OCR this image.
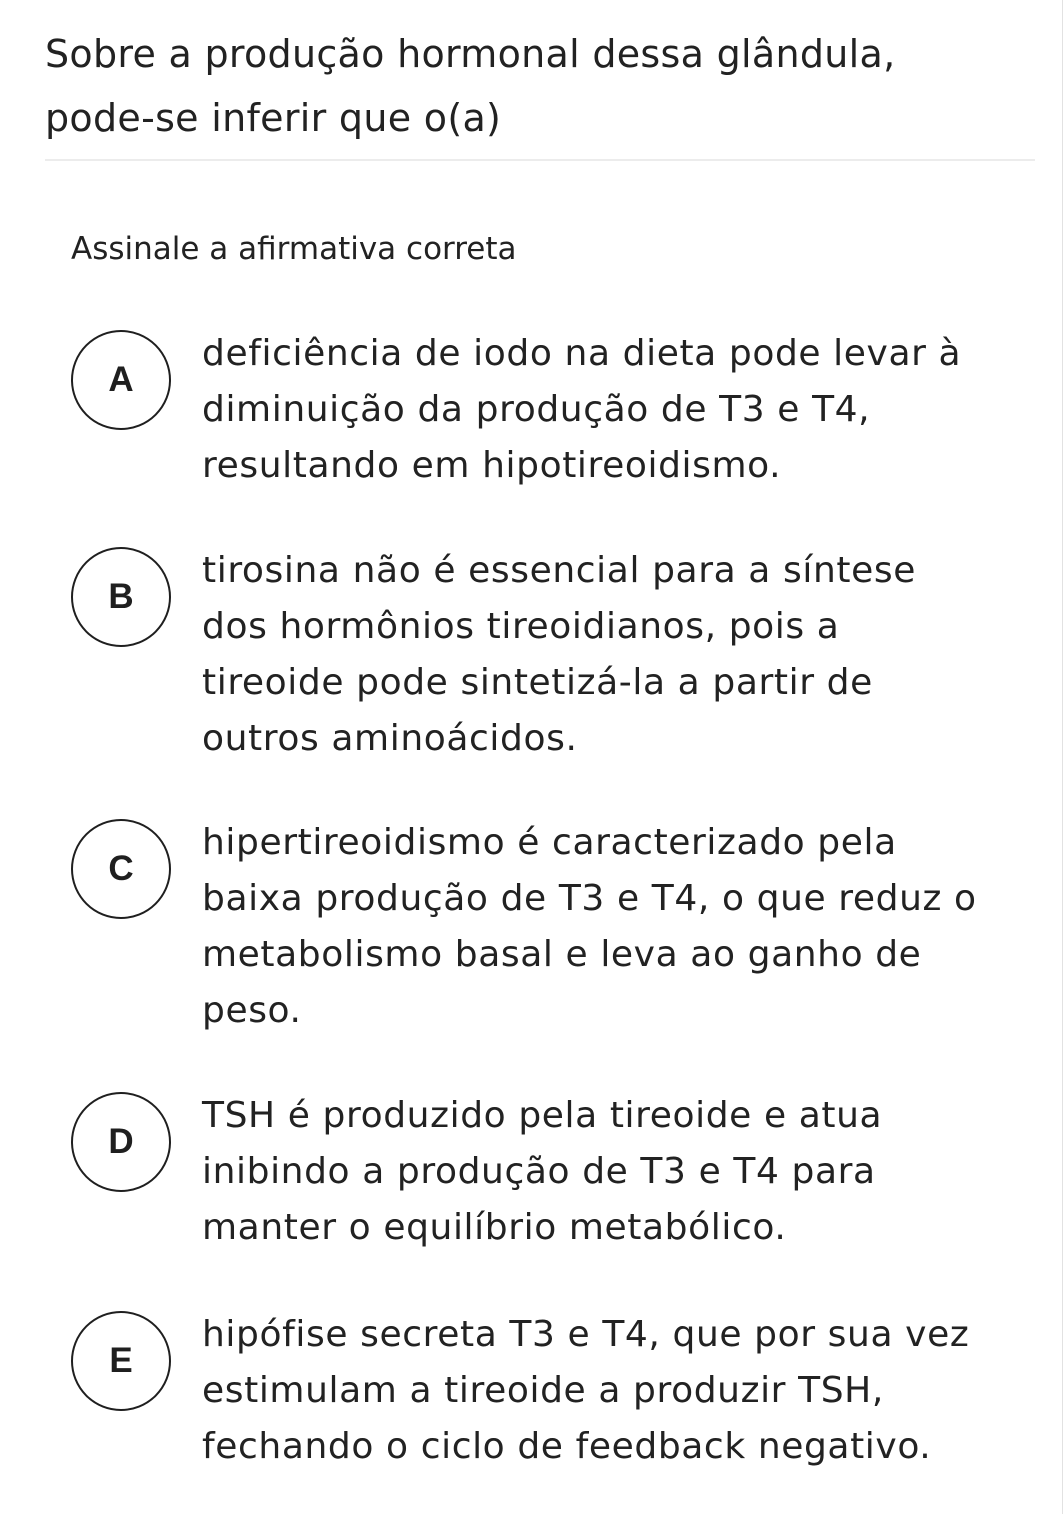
Sobre a produção hormonal dessa glândula,
pode-se inferir que o(a)

Assinale a afirmativa correta

A

deficiência de iodo na dieta pode levar à
diminuição da produção de T3 e T4,
resultando em hipotireoidismo.

B

tirosina não é essencial para a síntese
dos hormônios tireoidianos, pois a
tireoide pode sintetizá-la a partir de
outros aminoácidos.

C

hipertireoidismo é caracterizado pela
baixa produção de T3 e T4, o que reduz o
metabolismo basal e leva ao ganho de
peso.

D

TSH é produzido pela tireoide e atua
inibindo a produção de T3 e T4 para
manter o equilíbrio metabólico.

E

hipófise secreta T3 e T4, que por sua vez
estimulam a tireoide a produzir TSH,
fechando o ciclo de feedback negativo.
